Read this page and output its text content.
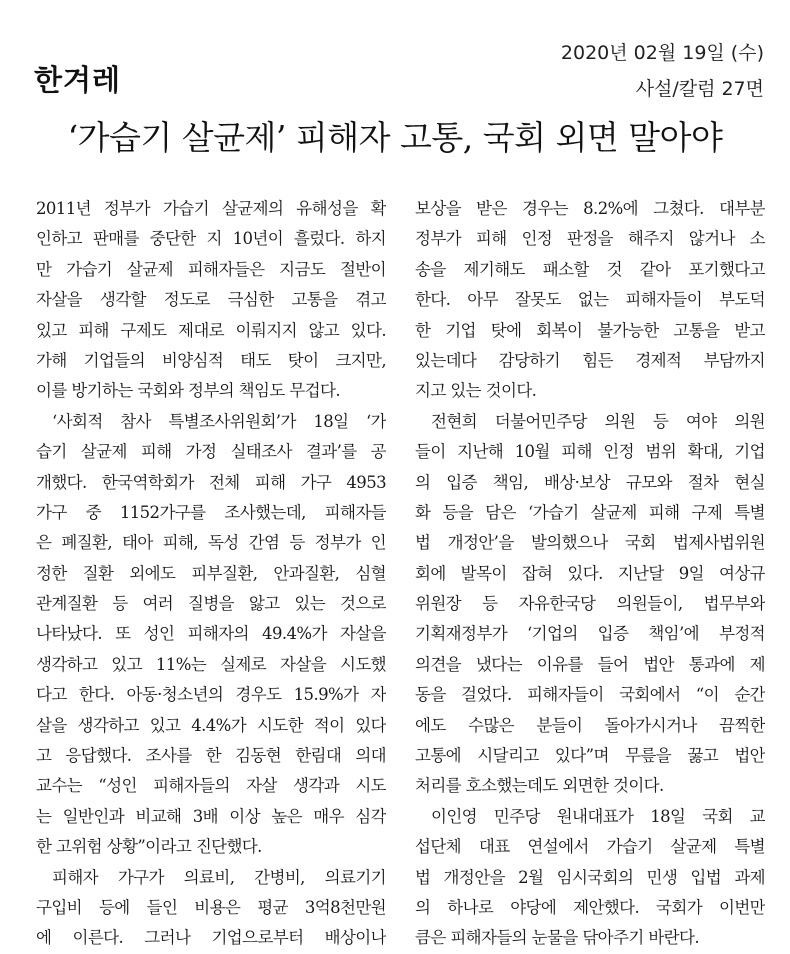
한겨레
2020년 02월 19일 (수)
사설/칼럼 27면
‘가습기 살균제’ 피해자 고통, 국회 외면 말아야
2011년 정부가 가습기 살균제의 유해성을 확
인하고 판매를 중단한 지 10년이 흘렀다. 하지
만 가습기 살균제 피해자들은 지금도 절반이
자살을 생각할 정도로 극심한 고통을 겪고
있고 피해 구제도 제대로 이뤄지지 않고 있다.
가해 기업들의 비양심적 태도 탓이 크지만,
이를 방기하는 국회와 정부의 책임도 무겁다.
‘사회적 참사 특별조사위원회’가 18일 ‘가
습기 살균제 피해 가정 실태조사 결과’를 공
개했다. 한국역학회가 전체 피해 가구 4953
가구 중 1152가구를 조사했는데, 피해자들
은 폐질환, 태아 피해, 독성 간염 등 정부가 인
정한 질환 외에도 피부질환, 안과질환, 심혈
관계질환 등 여러 질병을 앓고 있는 것으로
나타났다. 또 성인 피해자의 49.4%가 자살을
생각하고 있고 11%는 실제로 자살을 시도했
다고 한다. 아동·청소년의 경우도 15.9%가 자
살을 생각하고 있고 4.4%가 시도한 적이 있다
고 응답했다. 조사를 한 김동현 한림대 의대
교수는 “성인 피해자들의 자살 생각과 시도
는 일반인과 비교해 3배 이상 높은 매우 심각
한 고위험 상황”이라고 진단했다.
피해자 가구가 의료비, 간병비, 의료기기
구입비 등에 들인 비용은 평균 3억8천만원
에 이른다. 그러나 기업으로부터 배상이나
보상을 받은 경우는 8.2%에 그쳤다. 대부분
정부가 피해 인정 판정을 해주지 않거나 소
송을 제기해도 패소할 것 같아 포기했다고
한다. 아무 잘못도 없는 피해자들이 부도덕
한 기업 탓에 회복이 불가능한 고통을 받고
있는데다 감당하기 힘든 경제적 부담까지
지고 있는 것이다.
전현희 더불어민주당 의원 등 여야 의원
들이 지난해 10월 피해 인정 범위 확대, 기업
의 입증 책임, 배상·보상 규모와 절차 현실
화 등을 담은 ‘가습기 살균제 피해 구제 특별
법 개정안’을 발의했으나 국회 법제사법위원
회에 발목이 잡혀 있다. 지난달 9일 여상규
위원장 등 자유한국당 의원들이, 법무부와
기획재정부가 ‘기업의 입증 책임’에 부정적
의견을 냈다는 이유를 들어 법안 통과에 제
동을 걸었다. 피해자들이 국회에서 “이 순간
에도 수많은 분들이 돌아가시거나 끔찍한
고통에 시달리고 있다”며 무릎을 꿇고 법안
처리를 호소했는데도 외면한 것이다.
이인영 민주당 원내대표가 18일 국회 교
섭단체 대표 연설에서 가습기 살균제 특별
법 개정안을 2월 임시국회의 민생 입법 과제
의 하나로 야당에 제안했다. 국회가 이번만
큼은 피해자들의 눈물을 닦아주기 바란다.
